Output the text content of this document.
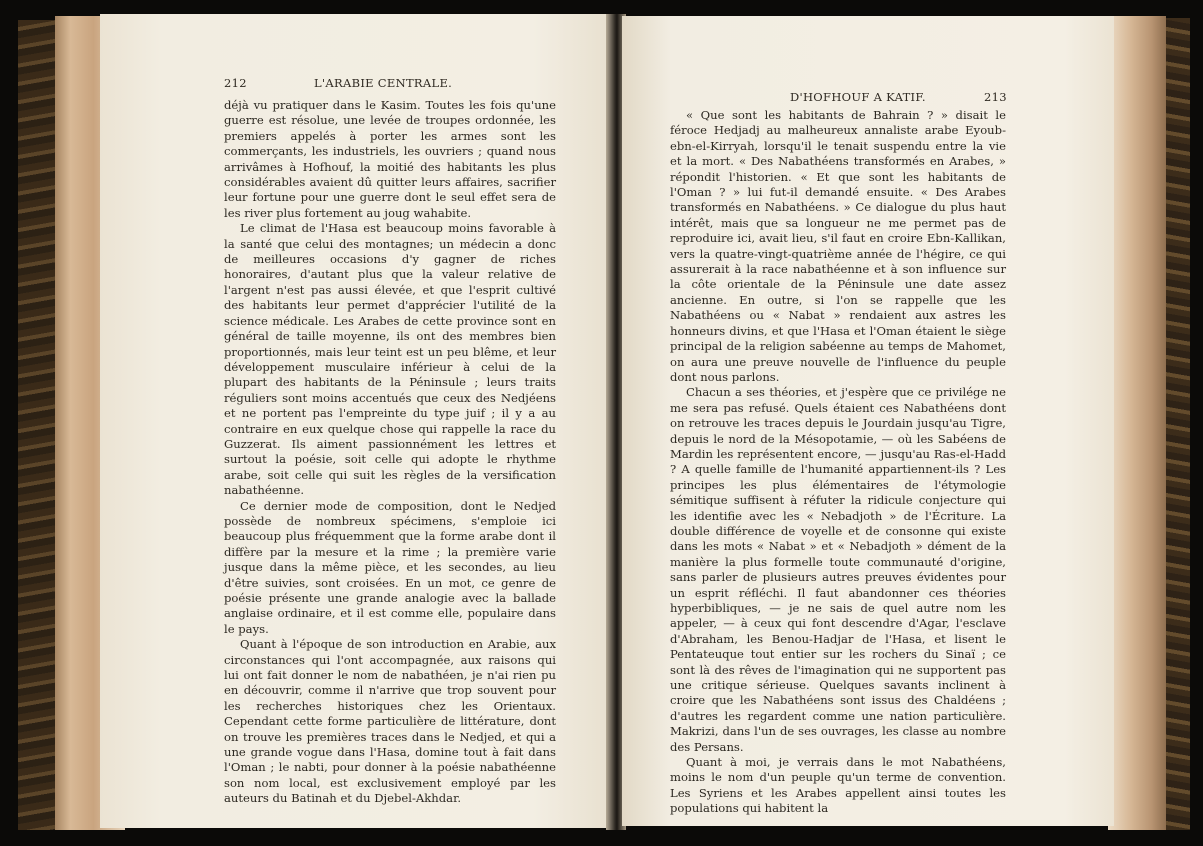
212	L'ARABIE CENTRALE.

déjà vu pratiquer dans le Kasim. Toutes les fois qu'une guerre est résolue, une levée de troupes ordonnée, les premiers appelés à porter les armes sont les commerçants, les industriels, les ouvriers ; quand nous arrivâmes à Hofhouf, la moitié des habitants les plus considérables avaient dû quitter leurs affaires, sacrifier leur fortune pour une guerre dont le seul effet sera de les river plus fortement au joug wahabite.

Le climat de l'Hasa est beaucoup moins favorable à la santé que celui des montagnes; un médecin a donc de meilleures occasions d'y gagner de riches honoraires, d'autant plus que la valeur relative de l'argent n'est pas aussi élevée, et que l'esprit cultivé des habitants leur permet d'apprécier l'utilité de la science médicale. Les Arabes de cette province sont en général de taille moyenne, ils ont des membres bien proportionnés, mais leur teint est un peu blême, et leur développement musculaire inférieur à celui de la plupart des habitants de la Péninsule ; leurs traits réguliers sont moins accentués que ceux des Nedjéens et ne portent pas l'empreinte du type juif ; il y a au contraire en eux quelque chose qui rappelle la race du Guzzerat. Ils aiment passionnément les lettres et surtout la poésie, soit celle qui adopte le rhythme arabe, soit celle qui suit les règles de la versification nabathéenne.

Ce dernier mode de composition, dont le Nedjed possède de nombreux spécimens, s'emploie ici beaucoup plus fréquemment que la forme arabe dont il diffère par la mesure et la rime ; la première varie jusque dans la même pièce, et les secondes, au lieu d'être suivies, sont croisées. En un mot, ce genre de poésie présente une grande analogie avec la ballade anglaise ordinaire, et il est comme elle, populaire dans le pays.

Quant à l'époque de son introduction en Arabie, aux circonstances qui l'ont accompagnée, aux raisons qui lui ont fait donner le nom de nabathéen, je n'ai rien pu en découvrir, comme il n'arrive que trop souvent pour les recherches historiques chez les Orientaux. Cependant cette forme particulière de littérature, dont on trouve les premières traces dans le Nedjed, et qui a une grande vogue dans l'Hasa, domine tout à fait dans l'Oman ; le nabti, pour donner à la poésie nabathéenne son nom local, est exclusivement employé par les auteurs du Batinah et du Djebel-Akhdar.

D'HOFHOUF A KATIF.	213

« Que sont les habitants de Bahrain ? » disait le féroce Hedjadj au malheureux annaliste arabe Eyoub-ebn-el-Kirryah, lorsqu'il le tenait suspendu entre la vie et la mort. « Des Nabathéens transformés en Arabes, » répondit l'historien. « Et que sont les habitants de l'Oman ? » lui fut-il demandé ensuite. « Des Arabes transformés en Nabathéens. » Ce dialogue du plus haut intérêt, mais que sa longueur ne me permet pas de reproduire ici, avait lieu, s'il faut en croire Ebn-Kallikan, vers la quatre-vingt-quatrième année de l'hégire, ce qui assurerait à la race nabathéenne et à son influence sur la côte orientale de la Péninsule une date assez ancienne. En outre, si l'on se rappelle que les Nabathéens ou « Nabat » rendaient aux astres les honneurs divins, et que l'Hasa et l'Oman étaient le siège principal de la religion sabéenne au temps de Mahomet, on aura une preuve nouvelle de l'influence du peuple dont nous parlons.

Chacun a ses théories, et j'espère que ce privilége ne me sera pas refusé. Quels étaient ces Nabathéens dont on retrouve les traces depuis le Jourdain jusqu'au Tigre, depuis le nord de la Mésopotamie, — où les Sabéens de Mardin les représentent encore, — jusqu'au Ras-el-Hadd ? A quelle famille de l'humanité appartiennent-ils ? Les principes les plus élémentaires de l'étymologie sémitique suffisent à réfuter la ridicule conjecture qui les identifie avec les « Nebadjoth » de l'Écriture. La double différence de voyelle et de consonne qui existe dans les mots « Nabat » et « Nebadjoth » dément de la manière la plus formelle toute communauté d'origine, sans parler de plusieurs autres preuves évidentes pour un esprit réfléchi. Il faut abandonner ces théories hyperbibliques, — je ne sais de quel autre nom les appeler, — à ceux qui font descendre d'Agar, l'esclave d'Abraham, les Benou-Hadjar de l'Hasa, et lisent le Pentateuque tout entier sur les rochers du Sinaï ; ce sont là des rêves de l'imagination qui ne supportent pas une critique sérieuse. Quelques savants inclinent à croire que les Nabathéens sont issus des Chaldéens ; d'autres les regardent comme une nation particulière. Makrizi, dans l'un de ses ouvrages, les classe au nombre des Persans.

Quant à moi, je verrais dans le mot Nabathéens, moins le nom d'un peuple qu'un terme de convention. Les Syriens et les Arabes appellent ainsi toutes les populations qui habitent la
